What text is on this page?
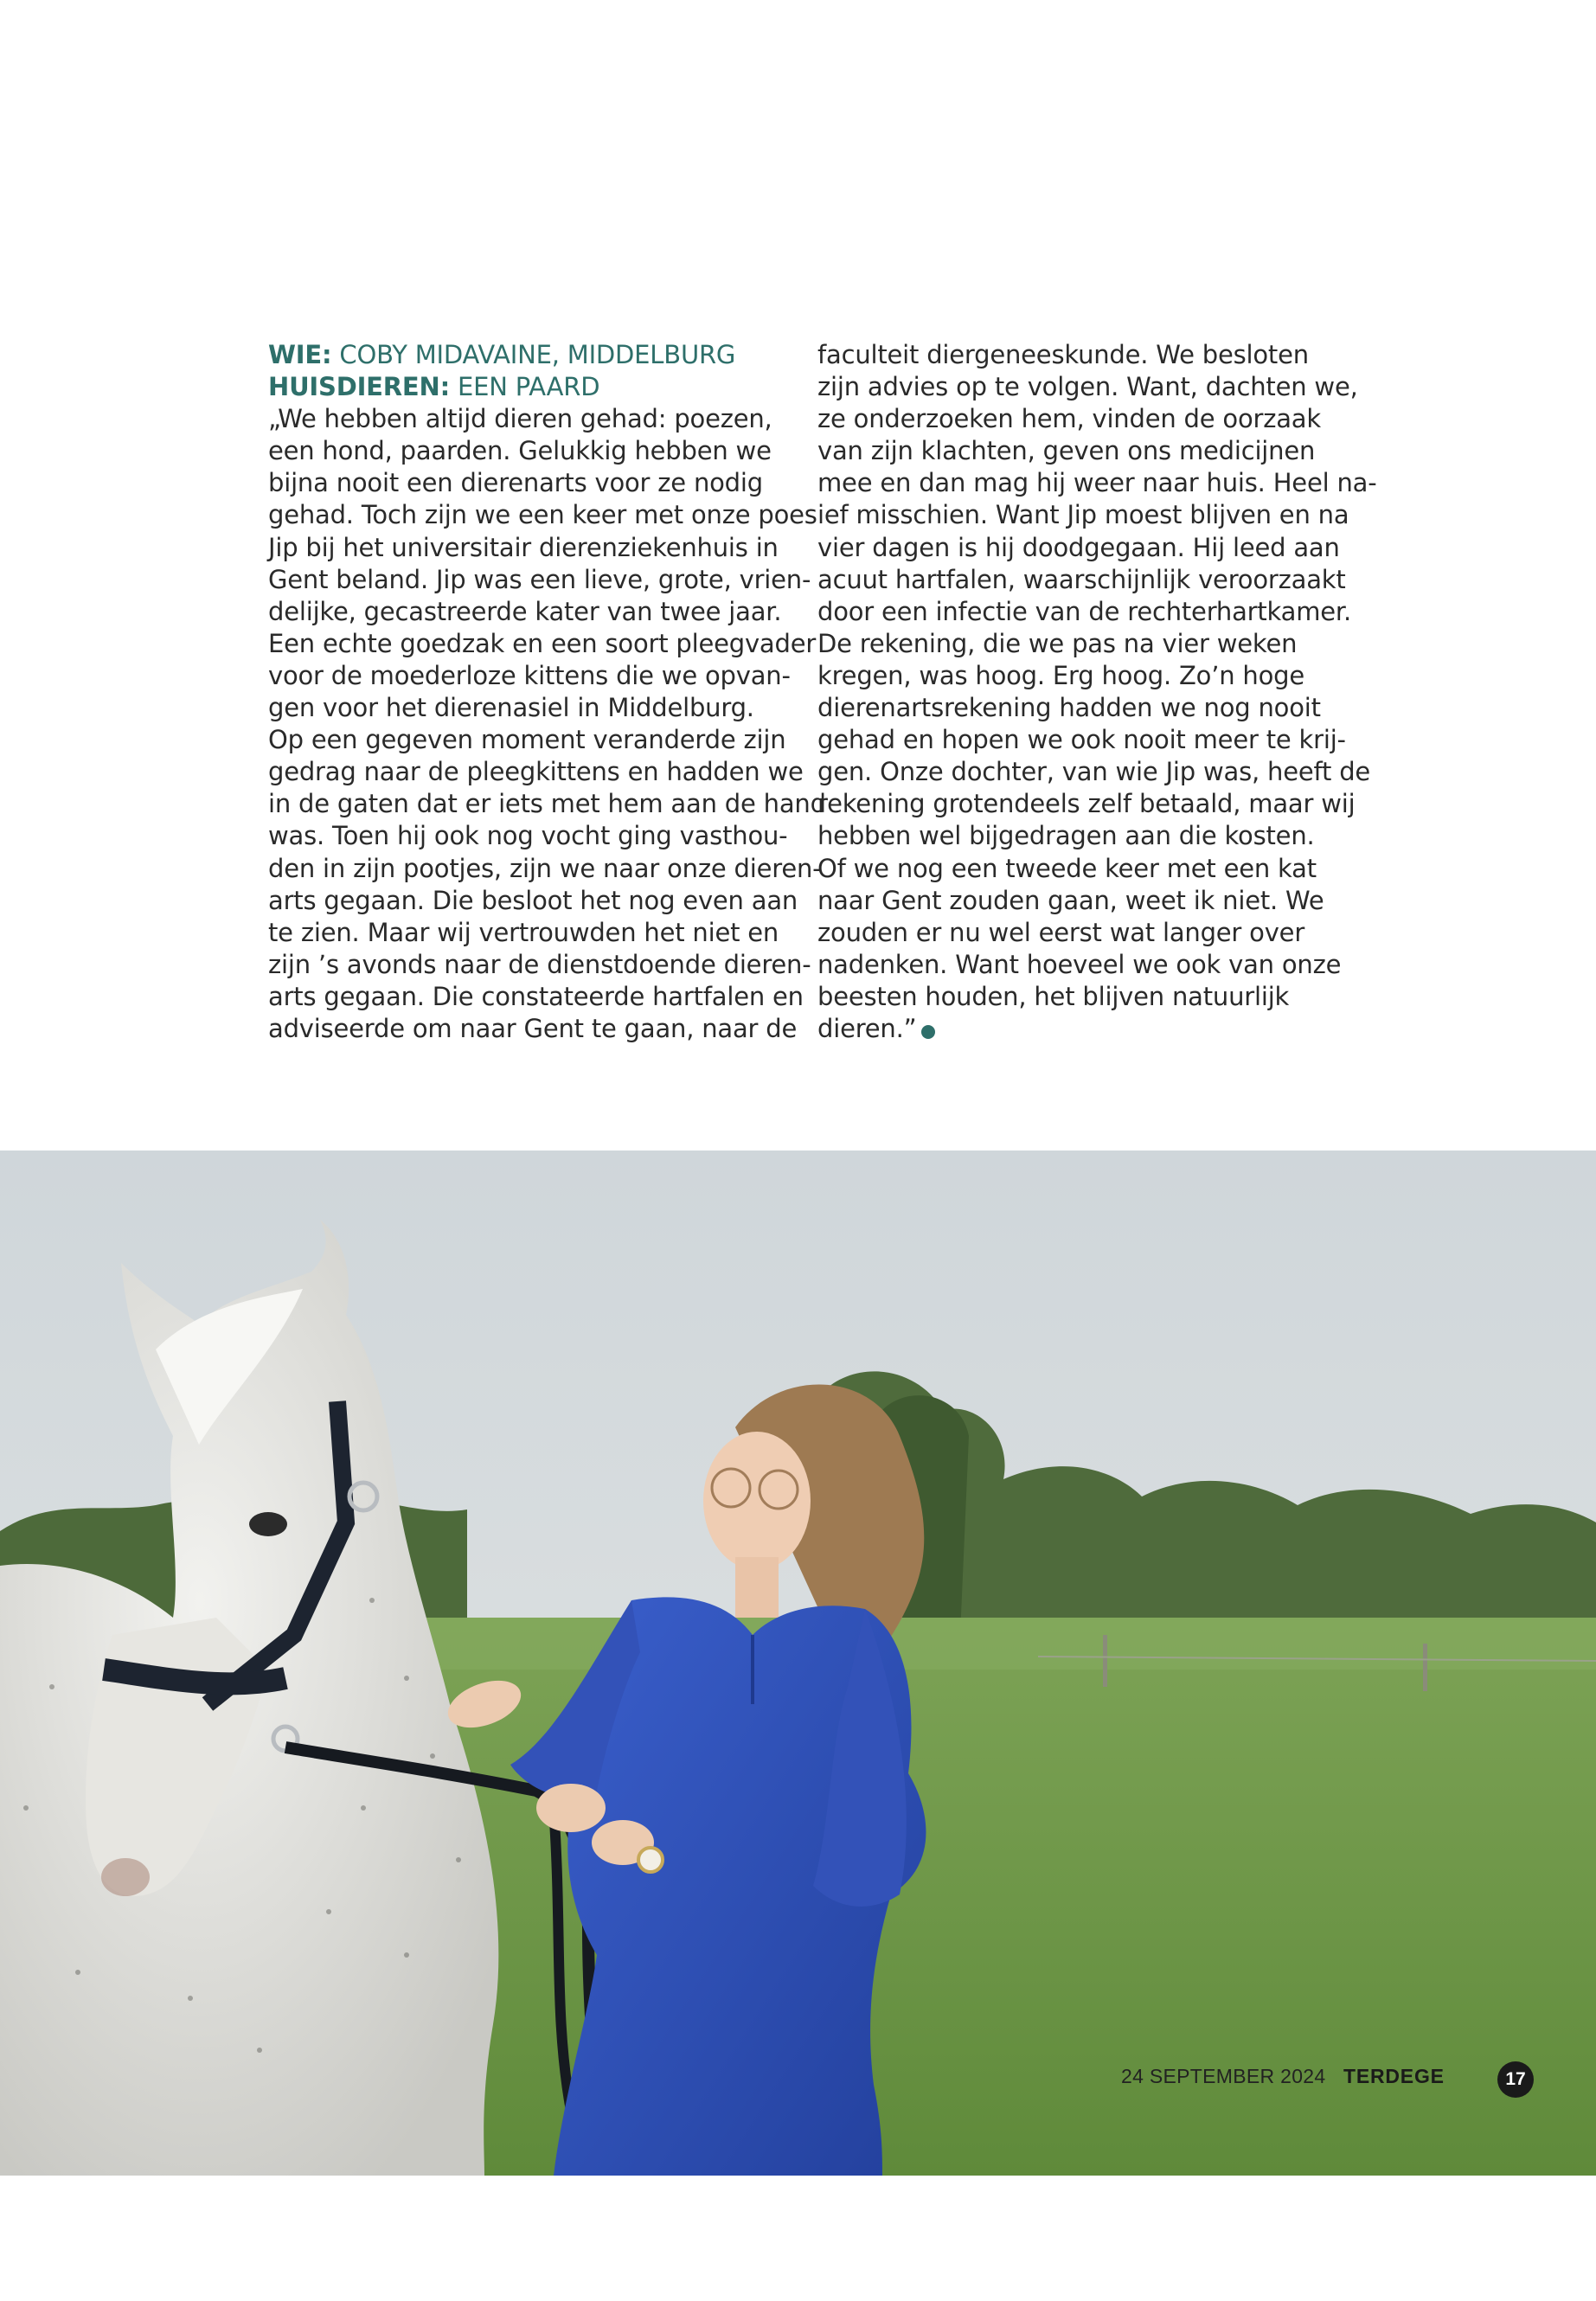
WIE: COBY MIDAVAINE, MIDDELBURG
HUISDIEREN: EEN PAARD
„We hebben altijd dieren gehad: poezen,
een hond, paarden. Gelukkig hebben we
bijna nooit een dierenarts voor ze nodig
gehad. Toch zijn we een keer met onze poes
Jip bij het universitair dierenziekenhuis in
Gent beland. Jip was een lieve, grote, vrien-
delijke, gecastreerde kater van twee jaar.
Een echte goedzak en een soort pleegvader
voor de moederloze kittens die we opvan-
gen voor het dierenasiel in Middelburg.
Op een gegeven moment veranderde zijn
gedrag naar de pleegkittens en hadden we
in de gaten dat er iets met hem aan de hand
was. Toen hij ook nog vocht ging vasthou-
den in zijn pootjes, zijn we naar onze dieren-
arts gegaan. Die besloot het nog even aan
te zien. Maar wij vertrouwden het niet en
zijn ’s avonds naar de dienstdoende dieren-
arts gegaan. Die constateerde hartfalen en
adviseerde om naar Gent te gaan, naar de
faculteit diergeneeskunde. We besloten
zijn advies op te volgen. Want, dachten we,
ze onderzoeken hem, vinden de oorzaak
van zijn klachten, geven ons medicijnen
mee en dan mag hij weer naar huis. Heel na-
ief misschien. Want Jip moest blijven en na
vier dagen is hij doodgegaan. Hij leed aan
acuut hartfalen, waarschijnlijk veroorzaakt
door een infectie van de rechterhartkamer.
De rekening, die we pas na vier weken
kregen, was hoog. Erg hoog. Zo’n hoge
dierenartsrekening hadden we nog nooit
gehad en hopen we ook nooit meer te krij-
gen. Onze dochter, van wie Jip was, heeft de
rekening grotendeels zelf betaald, maar wij
hebben wel bijgedragen aan die kosten.
Of we nog een tweede keer met een kat
naar Gent zouden gaan, weet ik niet. We
zouden er nu wel eerst wat langer over
nadenken. Want hoeveel we ook van onze
beesten houden, het blijven natuurlijk
dieren.”
24 SEPTEMBER 2024 TERDEGE	17
